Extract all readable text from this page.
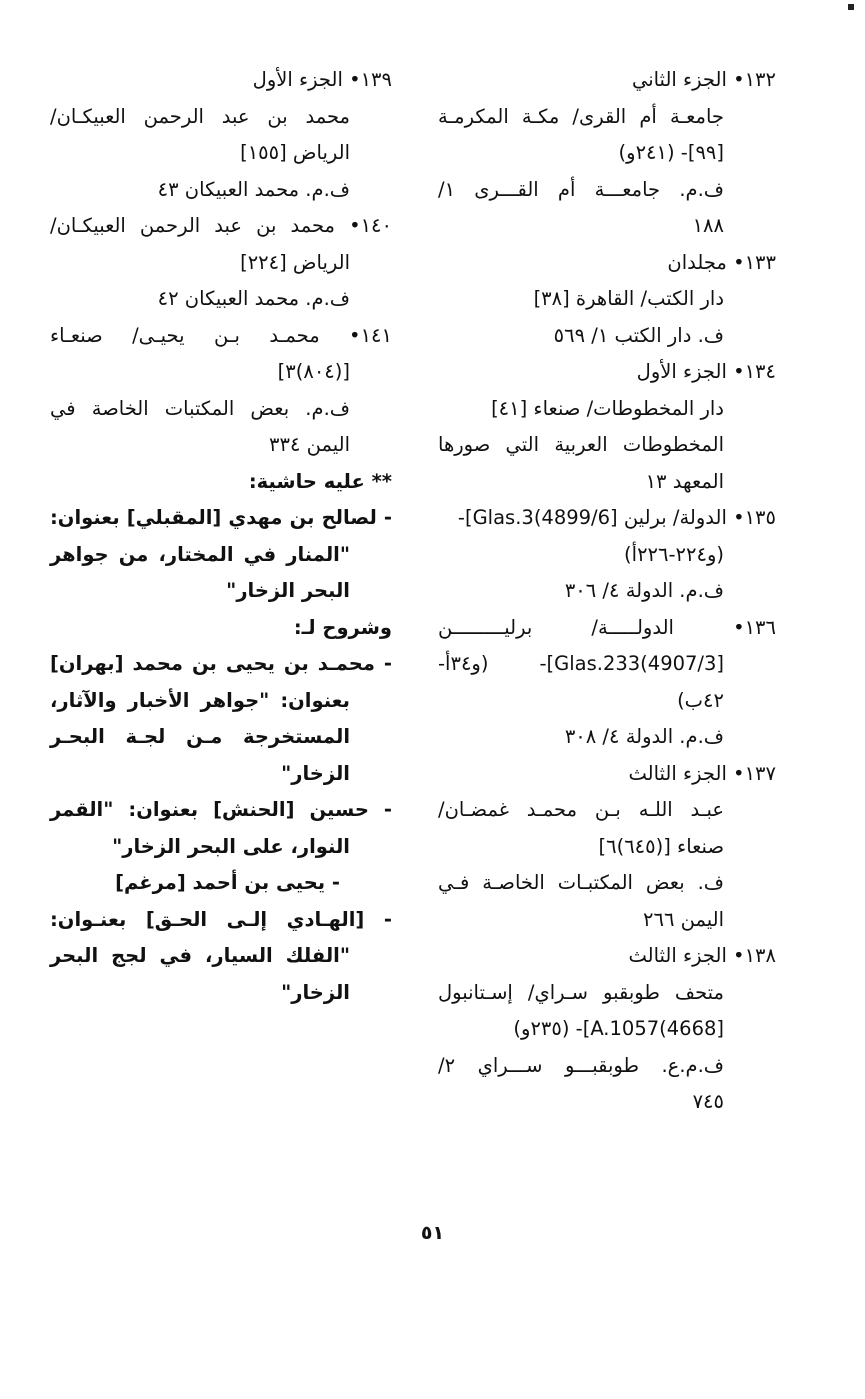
١٣٢• الجزء الثاني
جامعـة أم القرى/ مكـة المكرمـة
[٩٩]- (٢٤١و)
ف.م. جامعـــة أم القـــرى ١/
١٨٨
١٣٣• مجلدان
دار الكتب/ القاهرة [٣٨]
ف. دار الكتب ١/ ٥٦٩
١٣٤• الجزء الأول
دار المخطوطات/ صنعاء [٤١]
المخطوطات العربية التي صورها
المعهد ١٣
١٣٥• الدولة/ برلين [4899/6)Glas.3]-
(و٢٢٤-٢٢٦أ)
ف.م. الدولة ٤/ ٣٠٦
١٣٦• الدولـــــة/ برليـــــــــن
[4907/3)Glas.233]- (و٣٤أ-
٤٢ب)
ف.م. الدولة ٤/ ٣٠٨
١٣٧• الجزء الثالث
عبـد اللـه بـن محمـد غمضـان/
صنعاء [(٦٤٥)٦]
ف. بعض المكتبـات الخاصـة فـي
اليمن ٢٦٦
١٣٨• الجزء الثالث
متحف طوبقبو سـراي/ إسـتانبول
[4668)A.1057]- (٢٣٥و)
ف.م.ع. طوبقبـــو ســـراي ٢/
٧٤٥
١٣٩• الجزء الأول
محمد بن عبد الرحمن العبيكـان/
الرياض [١٥٥]
ف.م. محمد العبيكان ٤٣
١٤٠• محمد بن عبد الرحمن العبيكـان/
الرياض [٢٢٤]
ف.م. محمد العبيكان ٤٢
١٤١• محمـد بـن يحيـى/ صنعـاء
[(٨٠٤)٣]
ف.م. بعض المكتبات الخاصة في
اليمن ٣٣٤
** عليه حاشية:
- لصالح بن مهدي [المقبلي] بعنوان:
"المنار في المختار، من جواهر
البحر الزخار"
وشروح لـ:
- محمـد بن يحيى بن محمد [بهران]
بعنوان: "جواهر الأخبار والآثار،
المستخرجة مـن لجـة البحـر
الزخار"
- حسين [الحنش] بعنوان: "القمر
النوار، على البحر الزخار"
- يحيى بن أحمد [مرغم]
- [الهـادي إلـى الحـق] بعنـوان:
"الفلك السيار، في لجج البحر
الزخار"
٥١
